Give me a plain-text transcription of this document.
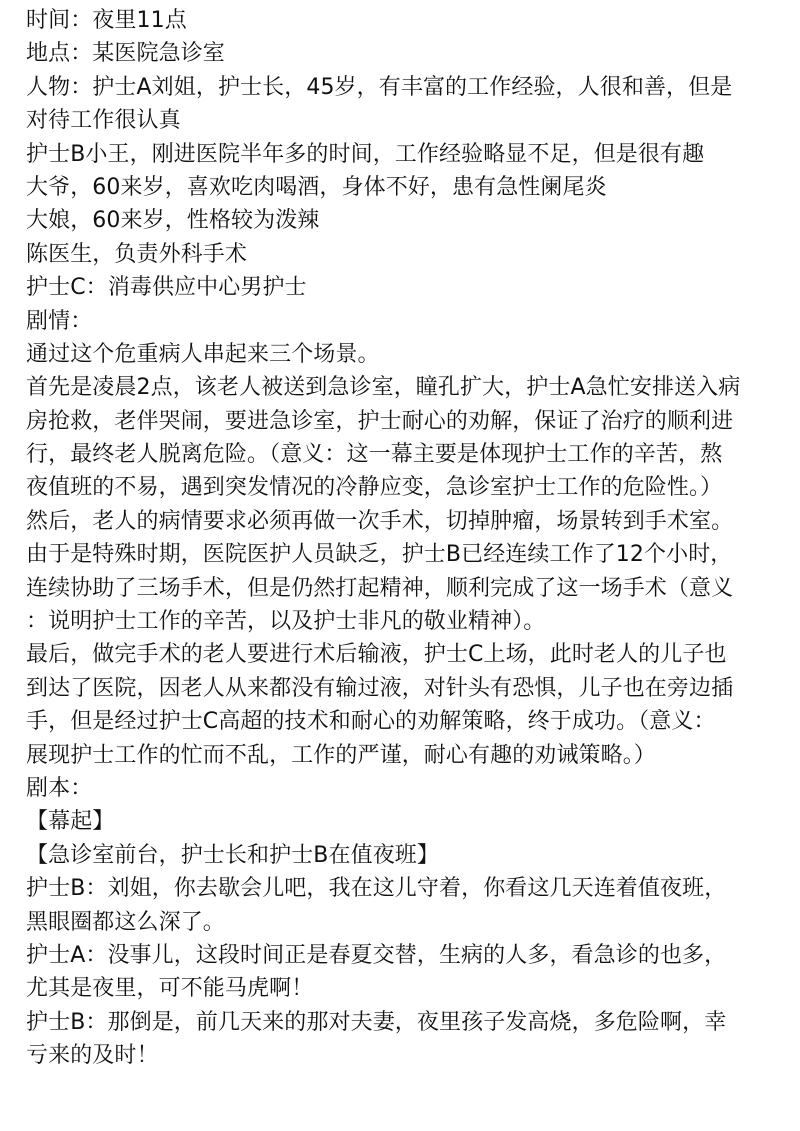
时间：夜里11点
地点：某医院急诊室
人物：护士A刘姐，护士长，45岁，有丰富的工作经验，人很和善，但是
对待工作很认真
护士B小王，刚进医院半年多的时间，工作经验略显不足，但是很有趣
大爷，60来岁，喜欢吃肉喝酒，身体不好，患有急性阑尾炎
大娘，60来岁，性格较为泼辣
陈医生，负责外科手术
护士C：消毒供应中心男护士
剧情：
通过这个危重病人串起来三个场景。
首先是凌晨2点，该老人被送到急诊室，瞳孔扩大，护士A急忙安排送入病
房抢救，老伴哭闹，要进急诊室，护士耐心的劝解，保证了治疗的顺利进
行，最终老人脱离危险。（意义：这一幕主要是体现护士工作的辛苦，熬
夜值班的不易，遇到突发情况的冷静应变，急诊室护士工作的危险性。）
然后，老人的病情要求必须再做一次手术，切掉肿瘤，场景转到手术室。
由于是特殊时期，医院医护人员缺乏，护士B已经连续工作了12个小时，
连续协助了三场手术，但是仍然打起精神，顺利完成了这一场手术（意义
：说明护士工作的辛苦，以及护士非凡的敬业精神）。
最后，做完手术的老人要进行术后输液，护士C上场，此时老人的儿子也
到达了医院，因老人从来都没有输过液，对针头有恐惧，儿子也在旁边插
手，但是经过护士C高超的技术和耐心的劝解策略，终于成功。（意义：
展现护士工作的忙而不乱，工作的严谨，耐心有趣的劝诫策略。）
剧本：
【幕起】
【急诊室前台，护士长和护士B在值夜班】
护士B：刘姐，你去歇会儿吧，我在这儿守着，你看这几天连着值夜班，
黑眼圈都这么深了。
护士A：没事儿，这段时间正是春夏交替，生病的人多，看急诊的也多，
尤其是夜里，可不能马虎啊！
护士B：那倒是，前几天来的那对夫妻，夜里孩子发高烧，多危险啊，幸
亏来的及时！
